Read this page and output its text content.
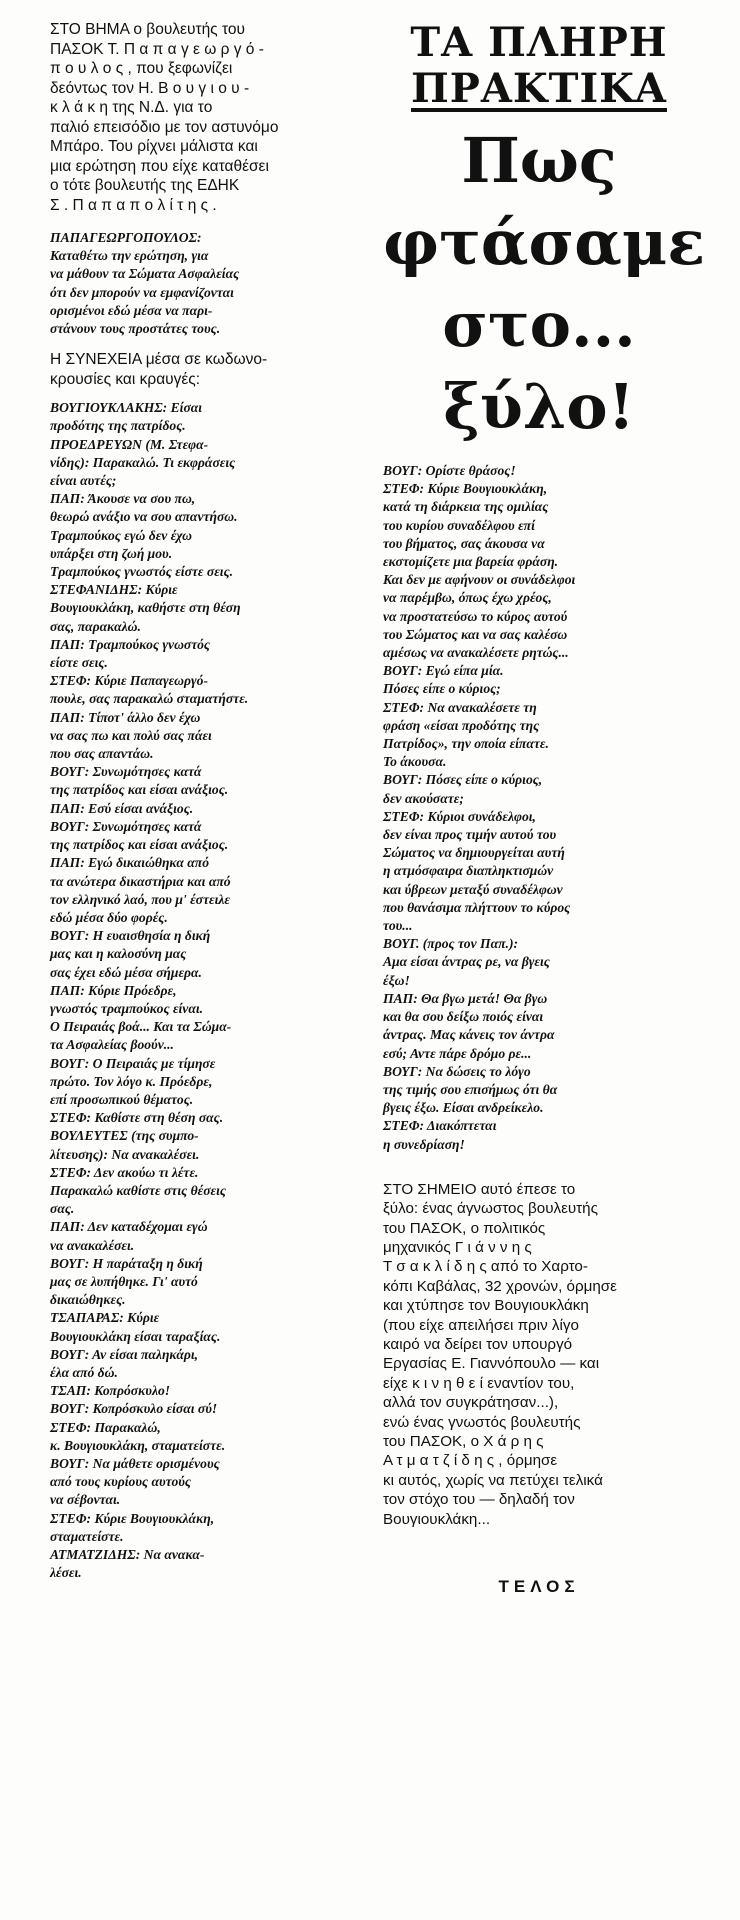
ΣΤΟ ΒΗΜΑ ο βουλευτής του
ΠΑΣΟΚ Τ. Π α π α γ ε ω ρ γ ό -
π ο υ λ ο ς , που ξεφωνίζει
δεόντως τον Η. Β ο υ γ ι ο υ -
κ λ ά κ η της Ν.Δ. για το
παλιό επεισόδιο με τον αστυνόμο
Μπάρο. Του ρίχνει μάλιστα και
μια ερώτηση που είχε καταθέσει
ο τότε βουλευτής της ΕΔΗΚ
Σ . Π α π α π ο λ ί τ η ς .

ΠΑΠΑΓΕΩΡΓΟΠΟΥΛΟΣ:

Καταθέτω την ερώτηση, για

να μάθουν τα Σώματα Ασφαλείας

ότι δεν μπορούν να εμφανίζονται

ορισμένοι εδώ μέσα να παρι-

στάνουν τους προστάτες τους.

Η ΣΥΝΕΧΕΙΑ μέσα σε κωδωνο-
κρουσίες και κραυγές:

ΒΟΥΓΙΟΥΚΛΑΚΗΣ: Είσαι

προδότης της πατρίδος.

ΠΡΟΕΔΡΕΥΩΝ (Μ. Στεφα-

νίδης): Παρακαλώ. Τι εκφράσεις

είναι αυτές;

ΠΑΠ: Άκουσε να σου πω,

θεωρώ ανάξιο να σου απαντήσω.

Τραμπούκος εγώ δεν έχω

υπάρξει στη ζωή μου.

Τραμπούκος γνωστός είστε σεις.

ΣΤΕΦΑΝΙΔΗΣ: Κύριε

Βουγιουκλάκη, καθήστε στη θέση

σας, παρακαλώ.

ΠΑΠ: Τραμπούκος γνωστός

είστε σεις.

ΣΤΕΦ: Κύριε Παπαγεωργό-

πουλε, σας παρακαλώ σταματήστε.

ΠΑΠ: Τίποτ' άλλο δεν έχω

να σας πω και πολύ σας πάει

που σας απαντάω.

ΒΟΥΓ: Συνωμότησες κατά

της πατρίδος και είσαι ανάξιος.

ΠΑΠ: Εσύ είσαι ανάξιος.

ΒΟΥΓ: Συνωμότησες κατά

της πατρίδος και είσαι ανάξιος.

ΠΑΠ: Εγώ δικαιώθηκα από

τα ανώτερα δικαστήρια και από

τον ελληνικό λαό, που μ' έστειλε

εδώ μέσα δύο φορές.

ΒΟΥΓ: Η ευαισθησία η δική

μας και η καλοσύνη μας

σας έχει εδώ μέσα σήμερα.

ΠΑΠ: Κύριε Πρόεδρε,

γνωστός τραμπούκος είναι.

Ο Πειραιάς βοά... Και τα Σώμα-

τα Ασφαλείας βοούν...

ΒΟΥΓ: Ο Πειραιάς με τίμησε

πρώτο. Τον λόγο κ. Πρόεδρε,

επί προσωπικού θέματος.

ΣΤΕΦ: Καθίστε στη θέση σας.

ΒΟΥΛΕΥΤΕΣ (της συμπο-

λίτευσης): Να ανακαλέσει.

ΣΤΕΦ: Δεν ακούω τι λέτε.

Παρακαλώ καθίστε στις θέσεις

σας.

ΠΑΠ: Δεν καταδέχομαι εγώ

να ανακαλέσει.

ΒΟΥΓ: Η παράταξη η δική

μας σε λυπήθηκε. Γι' αυτό

δικαιώθηκες.

ΤΣΑΠΑΡΑΣ: Κύριε

Βουγιουκλάκη είσαι ταραξίας.

ΒΟΥΓ: Αν είσαι παληκάρι,

έλα από δώ.

ΤΣΑΠ: Κοπρόσκυλο!

ΒΟΥΓ: Κοπρόσκυλο είσαι σύ!

ΣΤΕΦ: Παρακαλώ,

κ. Βουγιουκλάκη, σταματείστε.

ΒΟΥΓ: Να μάθετε ορισμένους

από τους κυρίους αυτούς

να σέβονται.

ΣΤΕΦ: Κύριε Βουγιουκλάκη,

σταματείστε.

ΑΤΜΑΤΖΙΔΗΣ: Να ανακα-

λέσει.

ΤΑ ΠΛΗΡΗ
ΠΡΑΚΤΙΚΑ
Πως
φτάσαμε
στο...
ξύλο!

ΒΟΥΓ: Ορίστε θράσος!

ΣΤΕΦ: Κύριε Βουγιουκλάκη,

κατά τη διάρκεια της ομιλίας

του κυρίου συναδέλφου επί

του βήματος, σας άκουσα να

εκστομίζετε μια βαρεία φράση.

Και δεν με αφήνουν οι συνάδελφοι

να παρέμβω, όπως έχω χρέος,

να προστατεύσω το κύρος αυτού

του Σώματος και να σας καλέσω

αμέσως να ανακαλέσετε ρητώς...

ΒΟΥΓ: Εγώ είπα μία.

Πόσες είπε ο κύριος;

ΣΤΕΦ: Να ανακαλέσετε τη

φράση «είσαι προδότης της

Πατρίδος», την οποία είπατε.

Το άκουσα.

ΒΟΥΓ: Πόσες είπε ο κύριος,

δεν ακούσατε;

ΣΤΕΦ: Κύριοι συνάδελφοι,

δεν είναι προς τιμήν αυτού του

Σώματος να δημιουργείται αυτή

η ατμόσφαιρα διαπληκτισμών

και ύβρεων μεταξύ συναδέλφων

που θανάσιμα πλήττουν το κύρος

του...

ΒΟΥΓ. (προς τον Παπ.):

Αμα είσαι άντρας ρε, να βγεις

έξω!

ΠΑΠ: Θα βγω μετά! Θα βγω

και θα σου δείξω ποιός είναι

άντρας. Μας κάνεις τον άντρα

εσύ; Αντε πάρε δρόμο ρε...

ΒΟΥΓ: Να δώσεις το λόγο

της τιμής σου επισήμως ότι θα

βγεις έξω. Είσαι ανδρείκελο.

ΣΤΕΦ: Διακόπτεται

η συνεδρίαση!

ΣΤΟ ΣΗΜΕΙΟ αυτό έπεσε το
ξύλο: ένας άγνωστος βουλευτής
του ΠΑΣΟΚ, ο πολιτικός
μηχανικός Γ ι ά ν ν η ς
Τ σ α κ λ ί δ η ς από το Χαρτο-
κόπι Καβάλας, 32 χρονών, όρμησε
και χτύπησε τον Βουγιουκλάκη
(που είχε απειλήσει πριν λίγο
καιρό να δείρει τον υπουργό
Εργασίας Ε. Γιαννόπουλο — και
είχε κ ι ν η θ ε ί εναντίον του,
αλλά τον συγκράτησαν...),
ενώ ένας γνωστός βουλευτής
του ΠΑΣΟΚ, ο Χ ά ρ η ς
Α τ μ α τ ζ ί δ η ς , όρμησε
κι αυτός, χωρίς να πετύχει τελικά
τον στόχο του — δηλαδή τον
Βουγιουκλάκη...
ΤΕΛΟΣ
